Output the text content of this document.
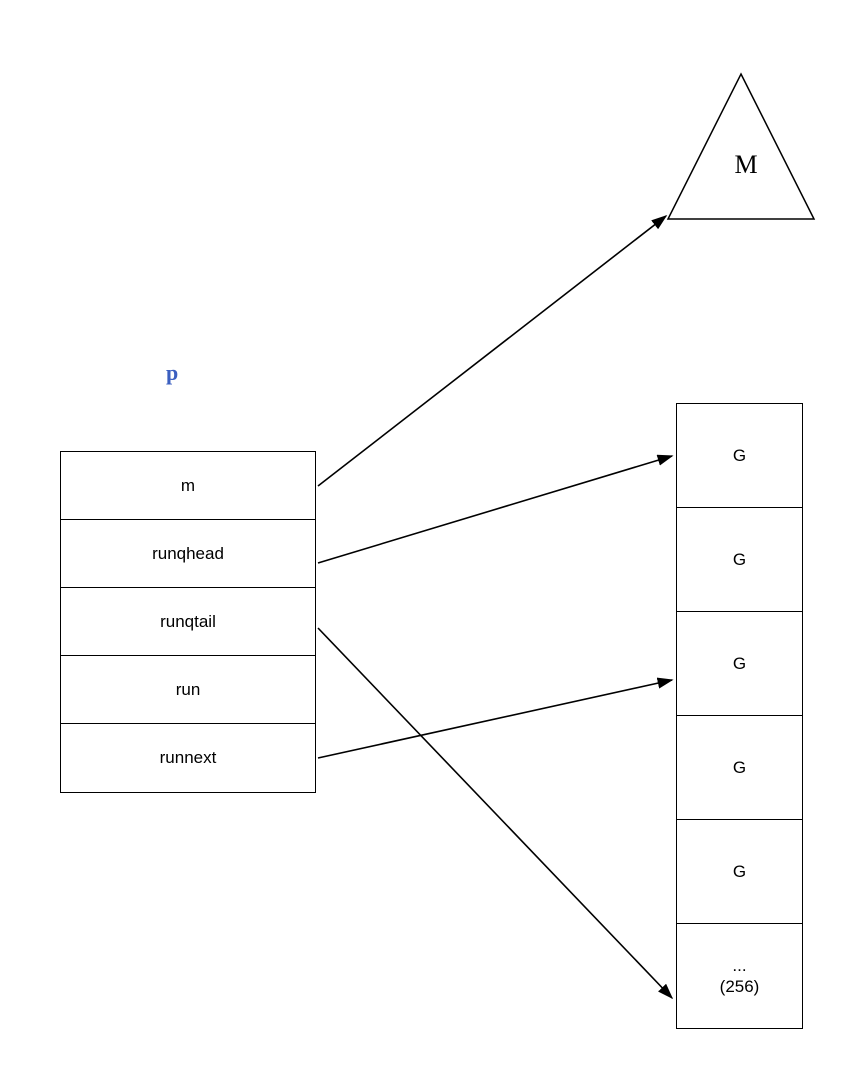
M
p
m
runqhead
runqtail
run
runnext
G
G
G
G
G
...
(256)
